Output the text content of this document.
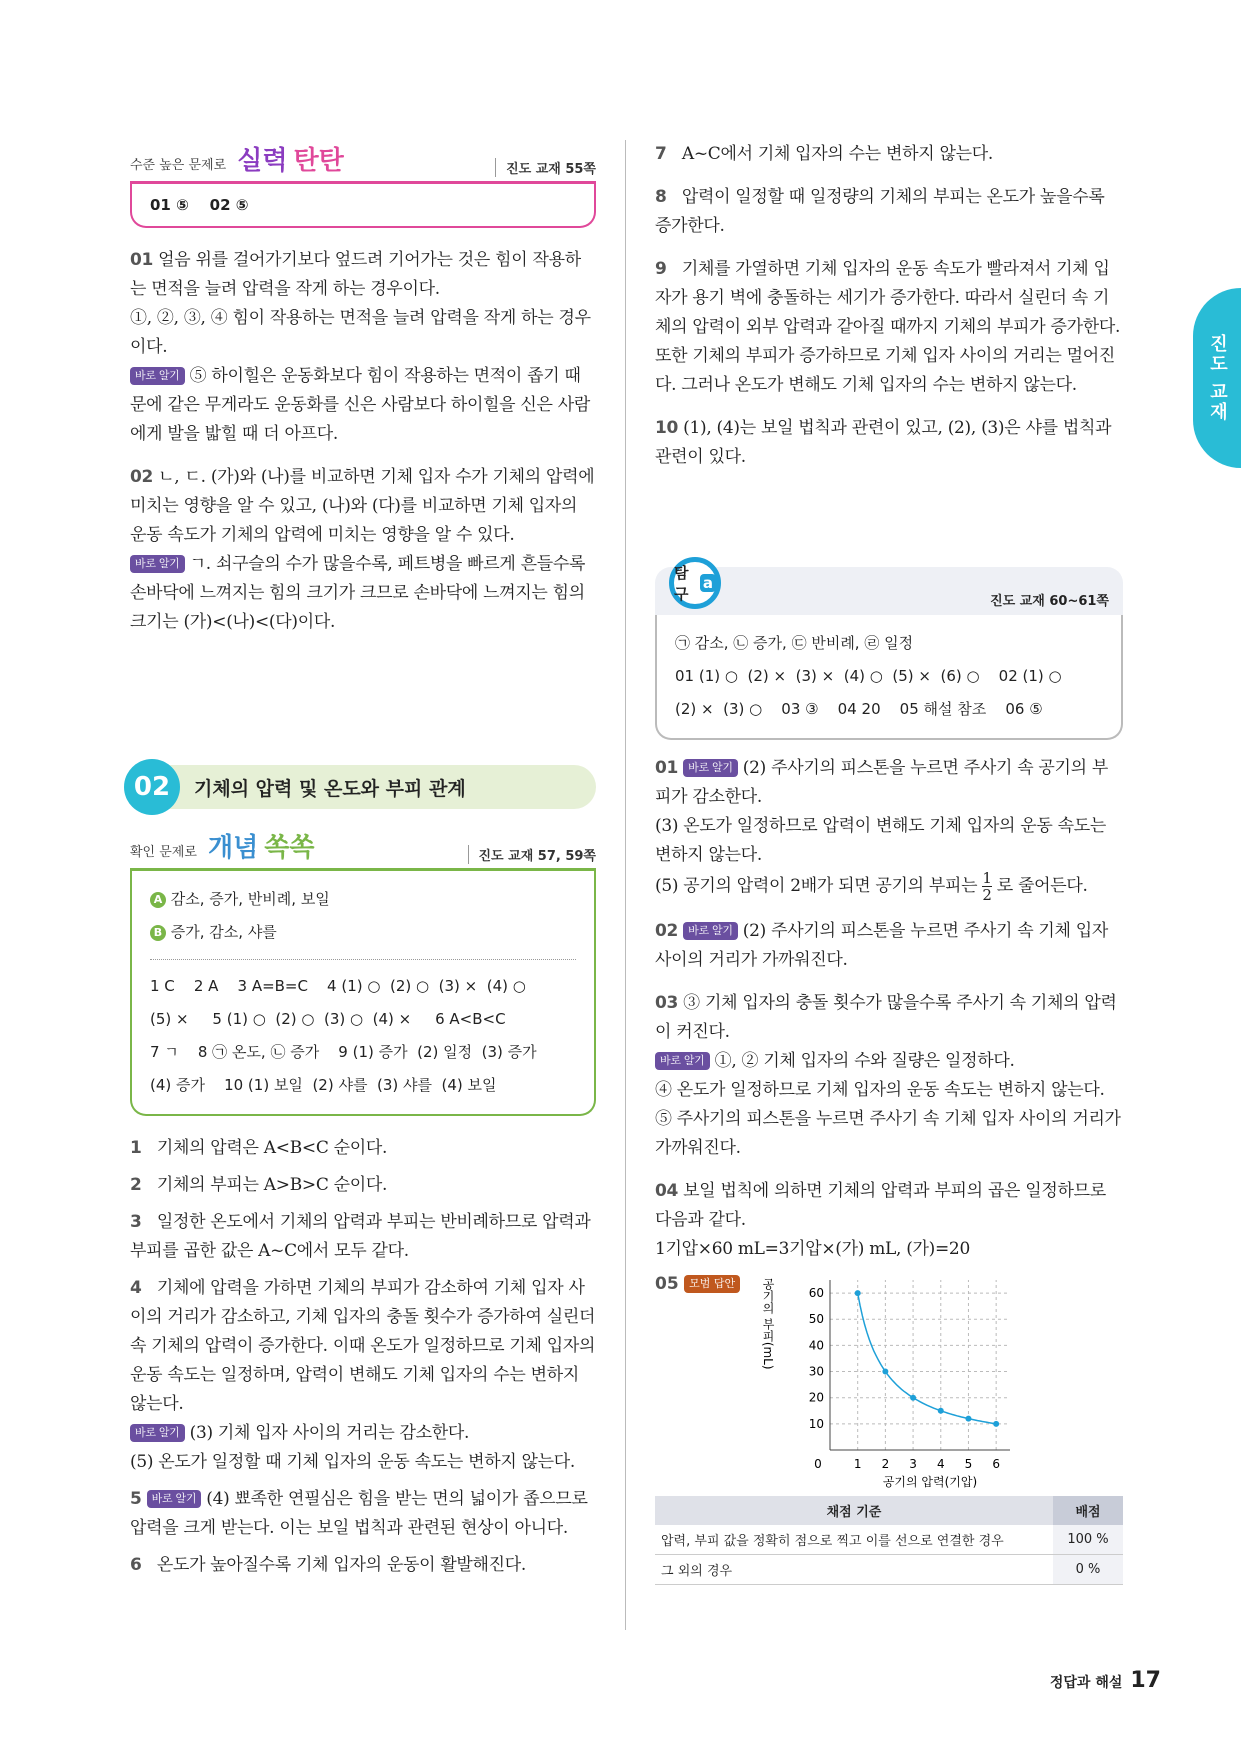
진도 교재
수준 높은 문제로 실력 탄탄	진도 교재 55쪽
01 ⑤    02 ⑤

01 얼음 위를 걸어가기보다 엎드려 기어가는 것은 힘이 작용하는 면적을 늘려 압력을 작게 하는 경우이다.
①, ②, ③, ④ 힘이 작용하는 면적을 늘려 압력을 작게 하는 경우이다.
바로 알기 ⑤ 하이힐은 운동화보다 힘이 작용하는 면적이 좁기 때문에 같은 무게라도 운동화를 신은 사람보다 하이힐을 신은 사람에게 발을 밟힐 때 더 아프다.

02 ㄴ, ㄷ. (가)와 (나)를 비교하면 기체 입자 수가 기체의 압력에 미치는 영향을 알 수 있고, (나)와 (다)를 비교하면 기체 입자의 운동 속도가 기체의 압력에 미치는 영향을 알 수 있다.
바로 알기 ㄱ. 쇠구슬의 수가 많을수록, 페트병을 빠르게 흔들수록 손바닥에 느껴지는 힘의 크기가 크므로 손바닥에 느껴지는 힘의 크기는 (가)<(나)<(다)이다.

02	기체의 압력 및 온도와 부피 관계
확인 문제로 개념 쏙쏙	진도 교재 57, 59쪽
A 감소, 증가, 반비례, 보일
B 증가, 감소, 샤를
1 C    2 A    3 A=B=C    4 (1) ○  (2) ○  (3) ×  (4) ○
(5) ×     5 (1) ○  (2) ○  (3) ○  (4) ×     6 A<B<C
7 ㄱ    8 ㉠ 온도, ㉡ 증가    9 (1) 증가  (2) 일정  (3) 증가
(4) 증가    10 (1) 보일  (2) 샤를  (3) 샤를  (4) 보일

1   기체의 압력은 A<B<C 순이다.

2   기체의 부피는 A>B>C 순이다.

3   일정한 온도에서 기체의 압력과 부피는 반비례하므로 압력과 부피를 곱한 값은 A~C에서 모두 같다.

4   기체에 압력을 가하면 기체의 부피가 감소하여 기체 입자 사이의 거리가 감소하고, 기체 입자의 충돌 횟수가 증가하여 실린더 속 기체의 압력이 증가한다. 이때 온도가 일정하므로 기체 입자의 운동 속도는 일정하며, 압력이 변해도 기체 입자의 수는 변하지 않는다.
바로 알기 (3) 기체 입자 사이의 거리는 감소한다.
(5) 온도가 일정할 때 기체 입자의 운동 속도는 변하지 않는다.

5 바로 알기 (4) 뾰족한 연필심은 힘을 받는 면의 넓이가 좁으므로 압력을 크게 받는다. 이는 보일 법칙과 관련된 현상이 아니다.

6   온도가 높아질수록 기체 입자의 운동이 활발해진다.

7   A~C에서 기체 입자의 수는 변하지 않는다.

8   압력이 일정할 때 일정량의 기체의 부피는 온도가 높을수록 증가한다.

9   기체를 가열하면 기체 입자의 운동 속도가 빨라져서 기체 입자가 용기 벽에 충돌하는 세기가 증가한다. 따라서 실린더 속 기체의 압력이 외부 압력과 같아질 때까지 기체의 부피가 증가한다. 또한 기체의 부피가 증가하므로 기체 입자 사이의 거리는 멀어진다. 그러나 온도가 변해도 기체 입자의 수는 변하지 않는다.

10 (1), (4)는 보일 법칙과 관련이 있고, (2), (3)은 샤를 법칙과 관련이 있다.

탐구
a
진도 교재 60~61쪽
㉠ 감소, ㉡ 증가, ㉢ 반비례, ㉣ 일정
01 (1) ○  (2) ×  (3) ×  (4) ○  (5) ×  (6) ○    02 (1) ○
(2) ×  (3) ○    03 ③    04 20    05 해설 참조    06 ⑤

01 바로 알기 (2) 주사기의 피스톤을 누르면 주사기 속 공기의 부피가 감소한다.
(3) 온도가 일정하므로 압력이 변해도 기체 입자의 운동 속도는 변하지 않는다.
(5) 공기의 압력이 2배가 되면 공기의 부피는 $\frac{1}{2}$ 로 줄어든다.

02 바로 알기 (2) 주사기의 피스톤을 누르면 주사기 속 기체 입자 사이의 거리가 가까워진다.

03 ③ 기체 입자의 충돌 횟수가 많을수록 주사기 속 기체의 압력이 커진다.
바로 알기 ①, ② 기체 입자의 수와 질량은 일정하다.
④ 온도가 일정하므로 기체 입자의 운동 속도는 변하지 않는다.
⑤ 주사기의 피스톤을 누르면 주사기 속 기체 입자 사이의 거리가 가까워진다.

04 보일 법칙에 의하면 기체의 압력과 부피의 곱은 일정하므로 다음과 같다.
1기압×60 mL=3기압×(가) mL, (가)=20

05 모범 답안
10
20
30
40
50
60
0	1 2 3 4 5 6
공기의 압력(기압)
공기의 부피(mL)
채점 기준	배점
압력, 부피 값을 정확히 점으로 찍고 이를 선으로 연결한 경우	100 %
그 외의 경우	0 %
정답과 해설 17
